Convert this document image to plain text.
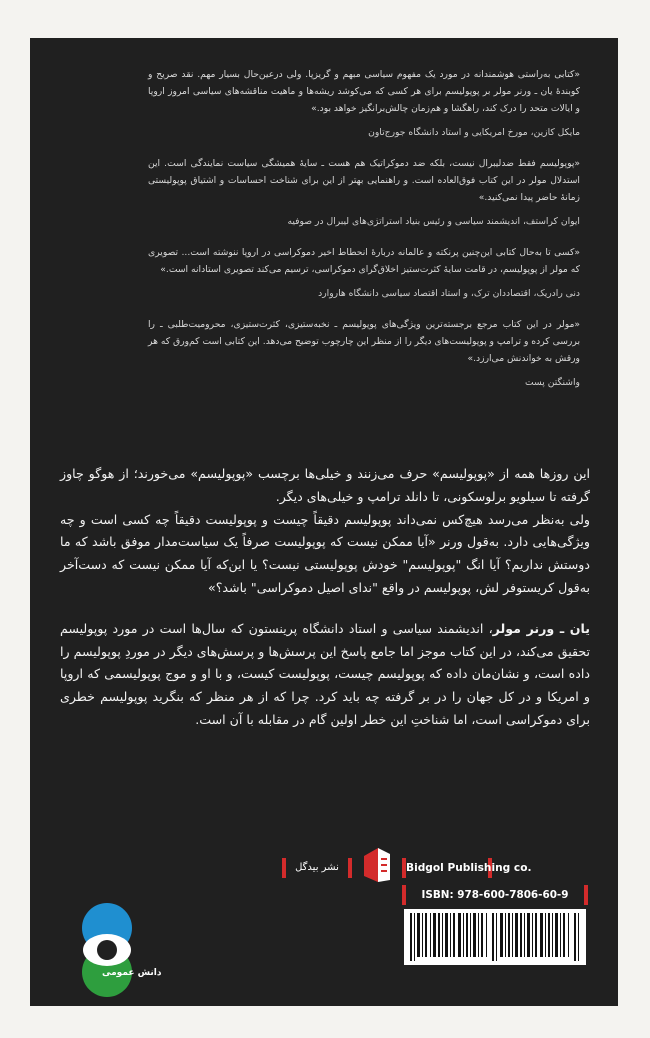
«کتابی به‌راستی هوشمندانه در مورد یک مفهوم سیاسی مبهم و گریزپا. ولی درعین‌حال بسیار مهم. نقد صریح و کوبندهٔ یان ـ ورنر مولر بر پوپولیسم برای هر کسی که می‌کوشد ریشه‌ها و ماهیت مناقشه‌های سیاسی امروز اروپا و ایالات متحد را درک کند، راهگشا و هم‌زمان چالش‌برانگیز خواهد بود.»

مایکل کازین، مورخ امریکایی و استاد دانشگاه جورج‌تاون

«پوپولیسم فقط ضدلیبرال نیست، بلکه ضد دموکراتیک هم هست ـ سایهٔ همیشگی سیاست نمایندگی است. این استدلال مولر در این کتاب فوق‌العاده است. و راهنمایی بهتر از این برای شناخت احساسات و اشتیاق پوپولیستی زمانهٔ حاضر پیدا نمی‌کنید.»

ایوان کراستف، اندیشمند سیاسی و رئیس بنیاد استراتژی‌های لیبرال در صوفیه

«کسی تا به‌حال کتابی این‌چنین پرنکته و عالمانه دربارهٔ انحطاط اخیر دموکراسی در اروپا ننوشته است... تصویری که مولر از پوپولیسم، در قامت سایهٔ کثرت‌ستیز اخلاق‌گرای دموکراسی، ترسیم می‌کند تصویری استادانه است.»

دنی رادریک، اقتصاددان ترک، و استاد اقتصاد سیاسی دانشگاه هاروارد

«مولر در این کتاب مرجع برجسته‌ترین ویژگی‌های پوپولیسم ـ نخبه‌ستیزی، کثرت‌ستیزی، محرومیت‌طلبی ـ را بررسی کرده و ترامپ و پوپولیست‌های دیگر را از منظر این چارچوب توضیح می‌دهد. این کتابی است کم‌ورق که هر ورقش به خواندنش می‌ارزد.»

واشنگتن پست

این روزها همه از «پوپولیسم» حرف می‌زنند و خیلی‌ها برچسب «پوپولیسم» می‌خورند؛ از هوگو چاوز گرفته تا سیلویو برلوسکونی، تا دانلد ترامپ و خیلی‌های دیگر.

ولی به‌نظر می‌رسد هیچ‌کس نمی‌داند پوپولیسم دقیقاً چیست و پوپولیست دقیقاً چه کسی است و چه ویژگی‌هایی دارد. به‌قول ورنر «آیا ممکن نیست که پوپولیست صرفاً یک سیاست‌مدار موفق باشد که ما دوستش نداریم؟ آیا انگ "پوپولیسم" خودش پوپولیستی نیست؟ یا این‌که آیا ممکن نیست که دست‌آخر به‌قول کریستوفر لش، پوپولیسم در واقع "ندای اصیل دموکراسی" باشد؟»

یان ـ ورنر مولر، اندیشمند سیاسی و استاد دانشگاه پرینستون که سال‌ها است در مورد پوپولیسم تحقیق می‌کند، در این کتاب موجز اما جامع پاسخ این پرسش‌ها و پرسش‌های دیگر در موردِ پوپولیسم را داده است، و نشان‌مان داده که پوپولیسم چیست، پوپولیست کیست، و با او و موج پوپولیسمی که اروپا و امریکا و در کل جهان را در بر گرفته چه باید کرد. چرا که از هر منظر که بنگرید پوپولیسم خطری برای دموکراسی است، اما شناختِ این خطر اولین گام در مقابله با آن است.

نشر بیدگل	Bidgol Publishing co.
ISBN: 978-600-7806-60-9
دانش عمومی
